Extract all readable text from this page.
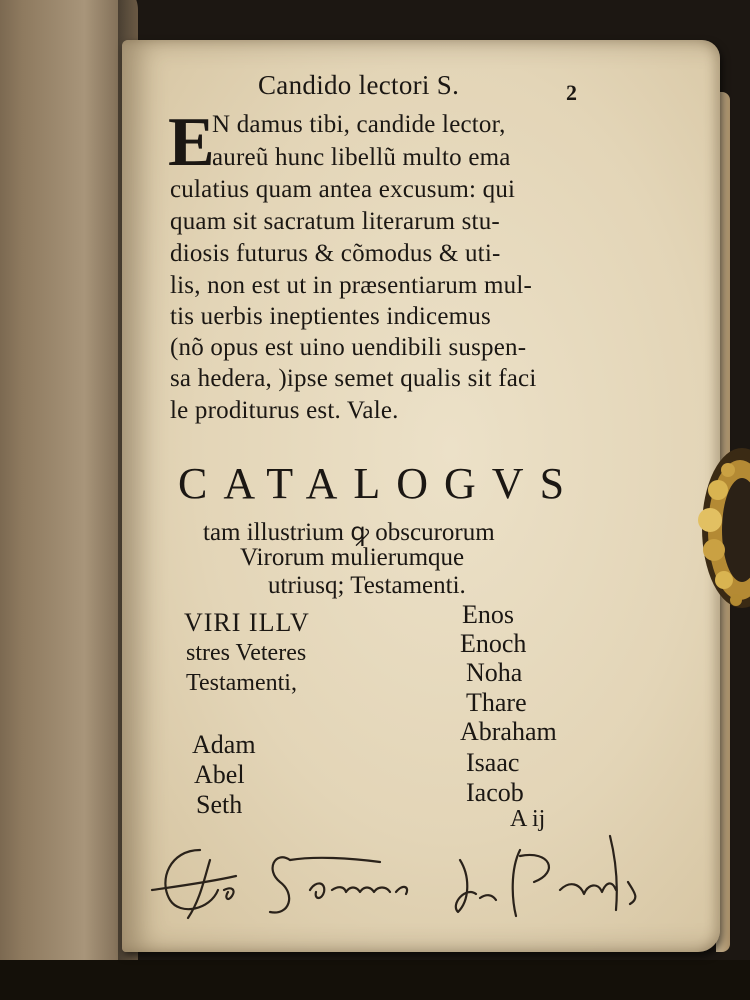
Candido lectori S.	2
E
N damus tibi, candide lector,
aureũ hunc libellũ multo ema
culatius quam antea excusum: qui
quam sit sacratum literarum stu-
diosis futurus & cõmodus & uti-
lis, non est ut in præsentiarum mul-
tis uerbis ineptientes indicemus
(nõ opus est uino uendibili suspen-
sa hedera, )ipse semet qualis sit faci
le proditurus est. Vale.
CATALOGVS
tam illustrium ꝙ obscurorum
Virorum mulierumque
utriusq; Testamenti.
VIRI ILLV
stres Veteres
Testamenti,
Adam
Abel
Seth
Enos
Enoch
Noha
Thare
Abraham
Isaac
Iacob
A ij
